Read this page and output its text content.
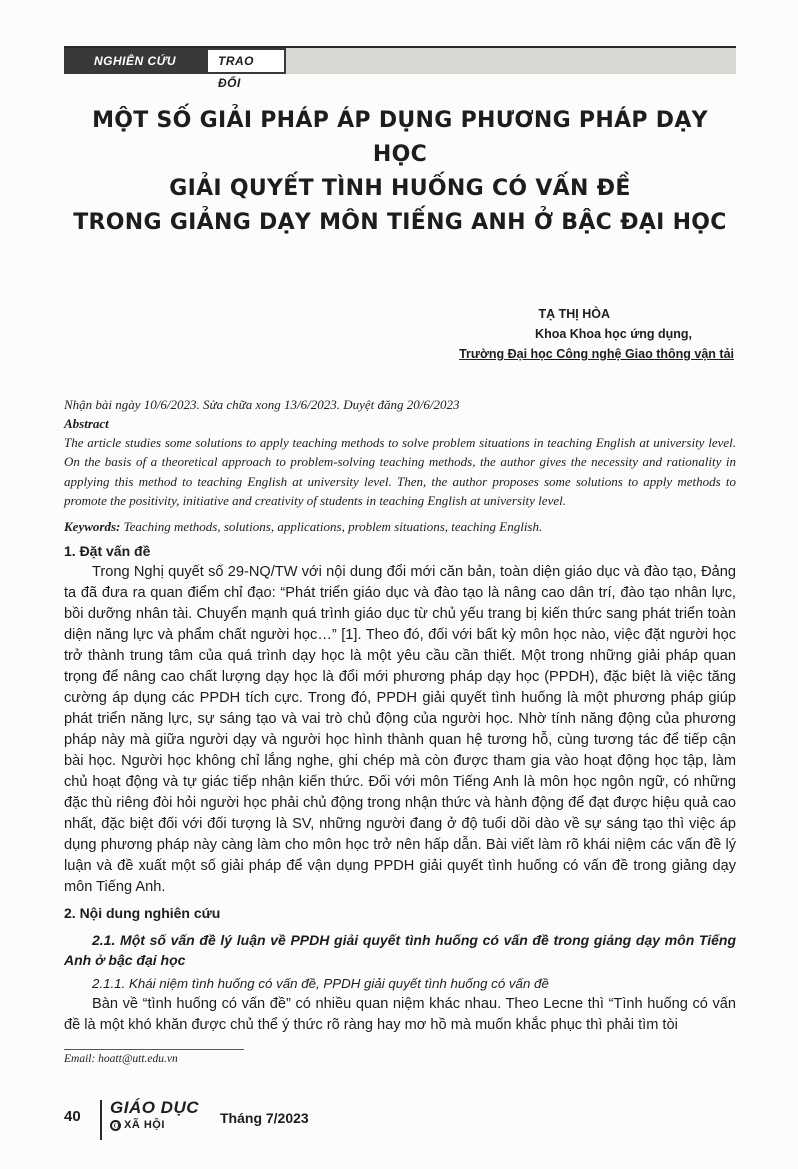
NGHIÊN CỨU	TRAO ĐỔI
MỘT SỐ GIẢI PHÁP ÁP DỤNG PHƯƠNG PHÁP DẠY HỌC
GIẢI QUYẾT TÌNH HUỐNG CÓ VẤN ĐỀ
TRONG GIẢNG DẠY MÔN TIẾNG ANH Ở BẬC ĐẠI HỌC
TẠ THỊ HÒA
Khoa Khoa học ứng dụng,
Trường Đại học Công nghệ Giao thông vận tải

Nhận bài ngày 10/6/2023. Sửa chữa xong 13/6/2023. Duyệt đăng 20/6/2023

Abstract

The article studies some solutions to apply teaching methods to solve problem situations in teaching English at university level. On the basis of a theoretical approach to problem-solving teaching methods, the author gives the necessity and rationality in applying this method to teaching English at university level. Then, the author proposes some solutions to apply methods to promote the positivity, initiative and creativity of students in teaching English at university level.

Keywords: Teaching methods, solutions, applications, problem situations, teaching English.

1. Đặt vấn đề

Trong Nghị quyết số 29-NQ/TW với nội dung đổi mới căn bản, toàn diện giáo dục và đào tạo, Đảng ta đã đưa ra quan điểm chỉ đạo: “Phát triển giáo dục và đào tạo là nâng cao dân trí, đào tạo nhân lực, bồi dưỡng nhân tài. Chuyển mạnh quá trình giáo dục từ chủ yếu trang bị kiến thức sang phát triển toàn diện năng lực và phẩm chất người học…” [1]. Theo đó, đối với bất kỳ môn học nào, việc đặt người học trở thành trung tâm của quá trình dạy học là một yêu cầu cần thiết. Một trong những giải pháp quan trọng để nâng cao chất lượng dạy học là đổi mới phương pháp dạy học (PPDH), đặc biệt là việc tăng cường áp dụng các PPDH tích cực. Trong đó, PPDH giải quyết tình huống là một phương pháp giúp phát triển năng lực, sự sáng tạo và vai trò chủ động của người học. Nhờ tính năng động của phương pháp này mà giữa người dạy và người học hình thành quan hệ tương hỗ, cùng tương tác để tiếp cận bài học. Người học không chỉ lắng nghe, ghi chép mà còn được tham gia vào hoạt động học tập, làm chủ hoạt động và tự giác tiếp nhận kiến thức. Đối với môn Tiếng Anh là môn học ngôn ngữ, có những đặc thù riêng đòi hỏi người học phải chủ động trong nhận thức và hành động để đạt được hiệu quả cao nhất, đặc biệt đối với đối tượng là SV, những người đang ở độ tuổi dồi dào về sự sáng tạo thì việc áp dụng phương pháp này càng làm cho môn học trở nên hấp dẫn. Bài viết làm rõ khái niệm các vấn đề lý luận và đề xuất một số giải pháp để vận dụng PPDH giải quyết tình huống có vấn đề trong giảng dạy môn Tiếng Anh.

2. Nội dung nghiên cứu
2.1. Một số vấn đề lý luận về PPDH giải quyết tình huống có vấn đề trong giảng dạy môn Tiếng Anh ở bậc đại học
2.1.1. Khái niệm tình huống có vấn đề, PPDH giải quyết tình huống có vấn đề

Bàn về “tình huống có vấn đề” có nhiều quan niệm khác nhau. Theo Lecne thì “Tình huống có vấn đề là một khó khăn được chủ thể ý thức rõ ràng hay mơ hồ mà muốn khắc phục thì phải tìm tòi

Email: hoatt@utt.edu.vn
40 GIÁO DỤC
XÃ HỘI	Tháng 7/2023
